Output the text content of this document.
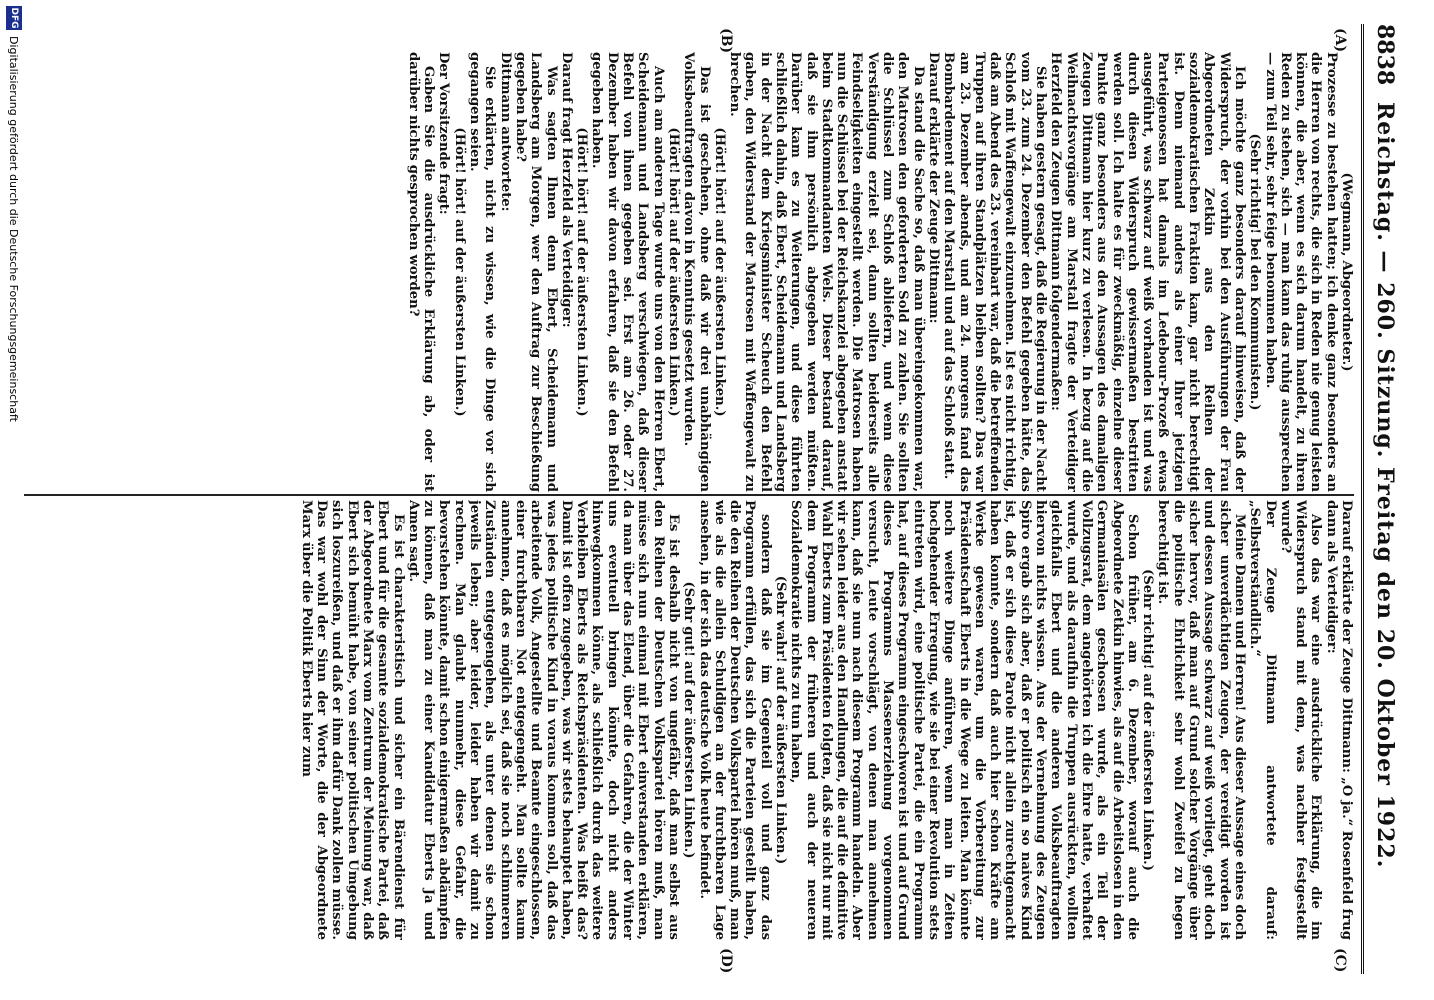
8838
Reichstag. — 260. Sitzung. Freitag den 20. Oktober 1922.

(Wegmann, Abgeordneter.)

Prozesse zu bestehen hatten; ich denke ganz besonders an die Herren von rechts, die sich in Reden nie genug leisten können, die aber, wenn es sich darum handelt, zu ihren Reden zu stehen, sich — man kann das ruhig aussprechen — zum Teil sehr, sehr feige benommen haben.

(Sehr richtig! bei den Kommunisten.)

Ich möchte ganz besonders darauf hinweisen, daß der Widerspruch, der vorhin bei den Ausführungen der Frau Abgeordneten Zetkin aus den Reihen der sozialdemokratischen Fraktion kam, gar nicht berechtigt ist. Denn niemand anders als einer Ihrer jetzigen Parteigenossen hat damals im Ledebour-Prozeß etwas ausgeführt, was schwarz auf weiß vorhanden ist und was durch diesen Widerspruch gewissermaßen bestritten werden soll. Ich halte es für zweckmäßig, einzelne dieser Punkte ganz besonders aus den Aussagen des damaligen Zeugen Dittmann hier kurz zu verlesen. In bezug auf die Weihnachtsvorgänge am Marstall fragte der Verteidiger Herzfeld den Zeugen Dittmann folgendermaßen:

Sie haben gestern gesagt, daß die Regierung in der Nacht vom 23. zum 24. Dezember den Befehl gegeben hätte, das Schloß mit Waffengewalt einzunehmen. Ist es nicht richtig, daß am Abend des 23. vereinbart war, daß die betreffenden Truppen auf ihren Standplätzen bleiben sollten? Das war am 23. Dezember abends, und am 24. morgens fand das Bombardement auf den Marstall und auf das Schloß statt.

Darauf erklärte der Zeuge Dittmann:

Da stand die Sache so, daß man übereingekommen war, den Matrosen den geforderten Sold zu zahlen. Sie sollten die Schlüssel zum Schloß abliefern, und wenn diese Verständigung erzielt sei, dann sollten beiderseits alle Feindseligkeiten eingestellt werden. Die Matrosen haben nun die Schlüssel bei der Reichskanzlei abgegeben anstatt beim Stadtkommandanten Wels. Dieser bestand darauf, daß sie ihm persönlich abgegeben werden müßten. Darüber kam es zu Weiterungen, und diese führten schließlich dahin, daß Ebert, Scheidemann und Landsberg in der Nacht dem Kriegsminister Scheuch den Befehl gaben, den Widerstand der Matrosen mit Waffengewalt zu brechen.

(Hört! hört! auf der äußersten Linken.)

Das ist geschehen, ohne daß wir drei unabhängigen Volksbeauftragten davon in Kenntnis gesetzt wurden.

(Hört! hört! auf der äußersten Linken.)

Auch am anderen Tage wurde uns von den Herren Ebert, Scheidemann und Landsberg verschwiegen, daß dieser Befehl von ihnen gegeben sei. Erst am 26. oder 27. Dezember haben wir davon erfahren, daß sie den Befehl gegeben haben.

(Hört! hört! auf der äußersten Linken.)

Darauf fragt Herzfeld als Verteidiger:

Was sagten Ihnen denn Ebert, Scheidemann und Landsberg am Morgen, wer den Auftrag zur Beschießung gegeben habe?

Dittmann antwortete:

Sie erklärten, nicht zu wissen, wie die Dinge vor sich gegangen seien.

(Hört! hört! auf der äußersten Linken.)

Der Vorsitzende fragt:

Gaben Sie die ausdrückliche Erklärung ab, oder ist darüber nichts gesprochen worden?

Darauf erklärte der Zeuge Dittmann: „O ja.“ Rosenfeld frug dann als Verteidiger:

Also das war eine ausdrückliche Erklärung, die im Widerspruch stand mit dem, was nachher festgestellt wurde?

Der Zeuge Dittmann antwortete darauf: „Selbstverständlich.“

Meine Damen und Herren! Aus dieser Aussage eines doch sicher unverdächtigen Zeugen, der vereidigt worden ist und dessen Aussage schwarz auf weiß vorliegt, geht doch sicher hervor, daß man auf Grund solcher Vorgänge über die politische Ehrlichkeit sehr wohl Zweifel zu hegen berechtigt ist.

(Sehr richtig! auf der äußersten Linken.)

Schon früher, am 6. Dezember, worauf auch die Abgeordnete Zetkin hinwies, als auf die Arbeitslosen in den Germaniasälen geschossen wurde, als ein Teil der Vollzugsrat, dem angehörten ich die Ehre hatte, verhaftet wurde, und als daraufhin die Truppen ausrückten, wollten gleichfalls Ebert und die anderen Volksbeauftragten hiervon nichts wissen. Aus der Vernehmung des Zeugen Spiro ergab sich aber, daß er politisch ein so naives Kind ist, daß er sich diese Parole nicht allein zurechtgemacht haben konnte, sondern daß auch hier schon Kräfte am Werke gewesen waren, um die Vorbereitung zur Präsidentschaft Eberts in die Wege zu leiten. Man könnte noch weitere Dinge anführen, wenn man in Zeiten hochgehender Erregung, wie sie bei einer Revolution stets eintreten wird, eine politische Partei, die ein Programm hat, auf dieses Programm eingeschworen ist und auf Grund dieses Programms Massenerziehung vorgenommen versucht, Leute vorschlägt, von denen man annehmen kann, daß sie nun nach diesem Programm handeln. Aber wir sehen leider aus den Handlungen, die auf die definitive Wahl Eberts zum Präsidenten folgten, daß sie nicht nur mit dem Programm der früheren und auch der neueren Sozialdemokratie nichts zu tun haben,

(Sehr wahr! auf der äußersten Linken.)

sondern daß sie im Gegenteil voll und ganz das Programm erfüllen, das sich die Parteien gestellt haben, die den Reihen der Deutschen Volkspartei hören muß, man wie als die allein Schuldigen an der furchtbaren Lage ansehen, in der sich das deutsche Volk heute befindet.

(Sehr gut! auf der äußersten Linken.)

Es ist deshalb nicht von ungefähr, daß man selbst aus den Reihen der Deutschen Volkspartei hören muß, man müsse sich nun einmal mit Ebert einverstanden erklären, da man über das Elend, über die Gefahren, die der Winter uns eventuell bringen könnte, doch nicht anders hinwegkommen könne, als schließlich durch das weitere Verbleiben Eberts als Reichspräsidenten. Was heißt das? Damit ist offen zugegeben, was wir stets behauptet haben, was jedes politische Kind in voraus kommen soll, daß das arbeitende Volk, Angestellte und Beamte eingeschlossen, einer furchtbaren Not entgegengeht. Man sollte kaum annehmen, daß es möglich sei, daß sie noch schlimmeren Zuständen entgegengehen, als unter denen sie schon jeweils leben; aber leider, leider haben wir damit zu rechnen. Man glaubt nunmehr, diese Gefahr, die bevorstehen könnte, damit schon einigermaßen abdämpfen zu können, daß man zu einer Kandidatur Eberts Ja und Amen sagt.

Es ist charakteristisch und sicher ein Bärendienst für Ebert und für die gesamte sozialdemokratische Partei, daß der Abgeordnete Marx vom Zentrum der Meinung war, daß Ebert sich bemüht habe, von seiner politischen Umgebung sich loszureißen, und daß er ihm dafür Dank zollen müsse. Das war wohl der Sinn der Worte, die der Abgeordnete Marx über die Politik Eberts hier zum

(A)
(B)
(C)
(D)
DFG
Digitalisierung gefördert durch die Deutsche Forschungsgemeinschaft
